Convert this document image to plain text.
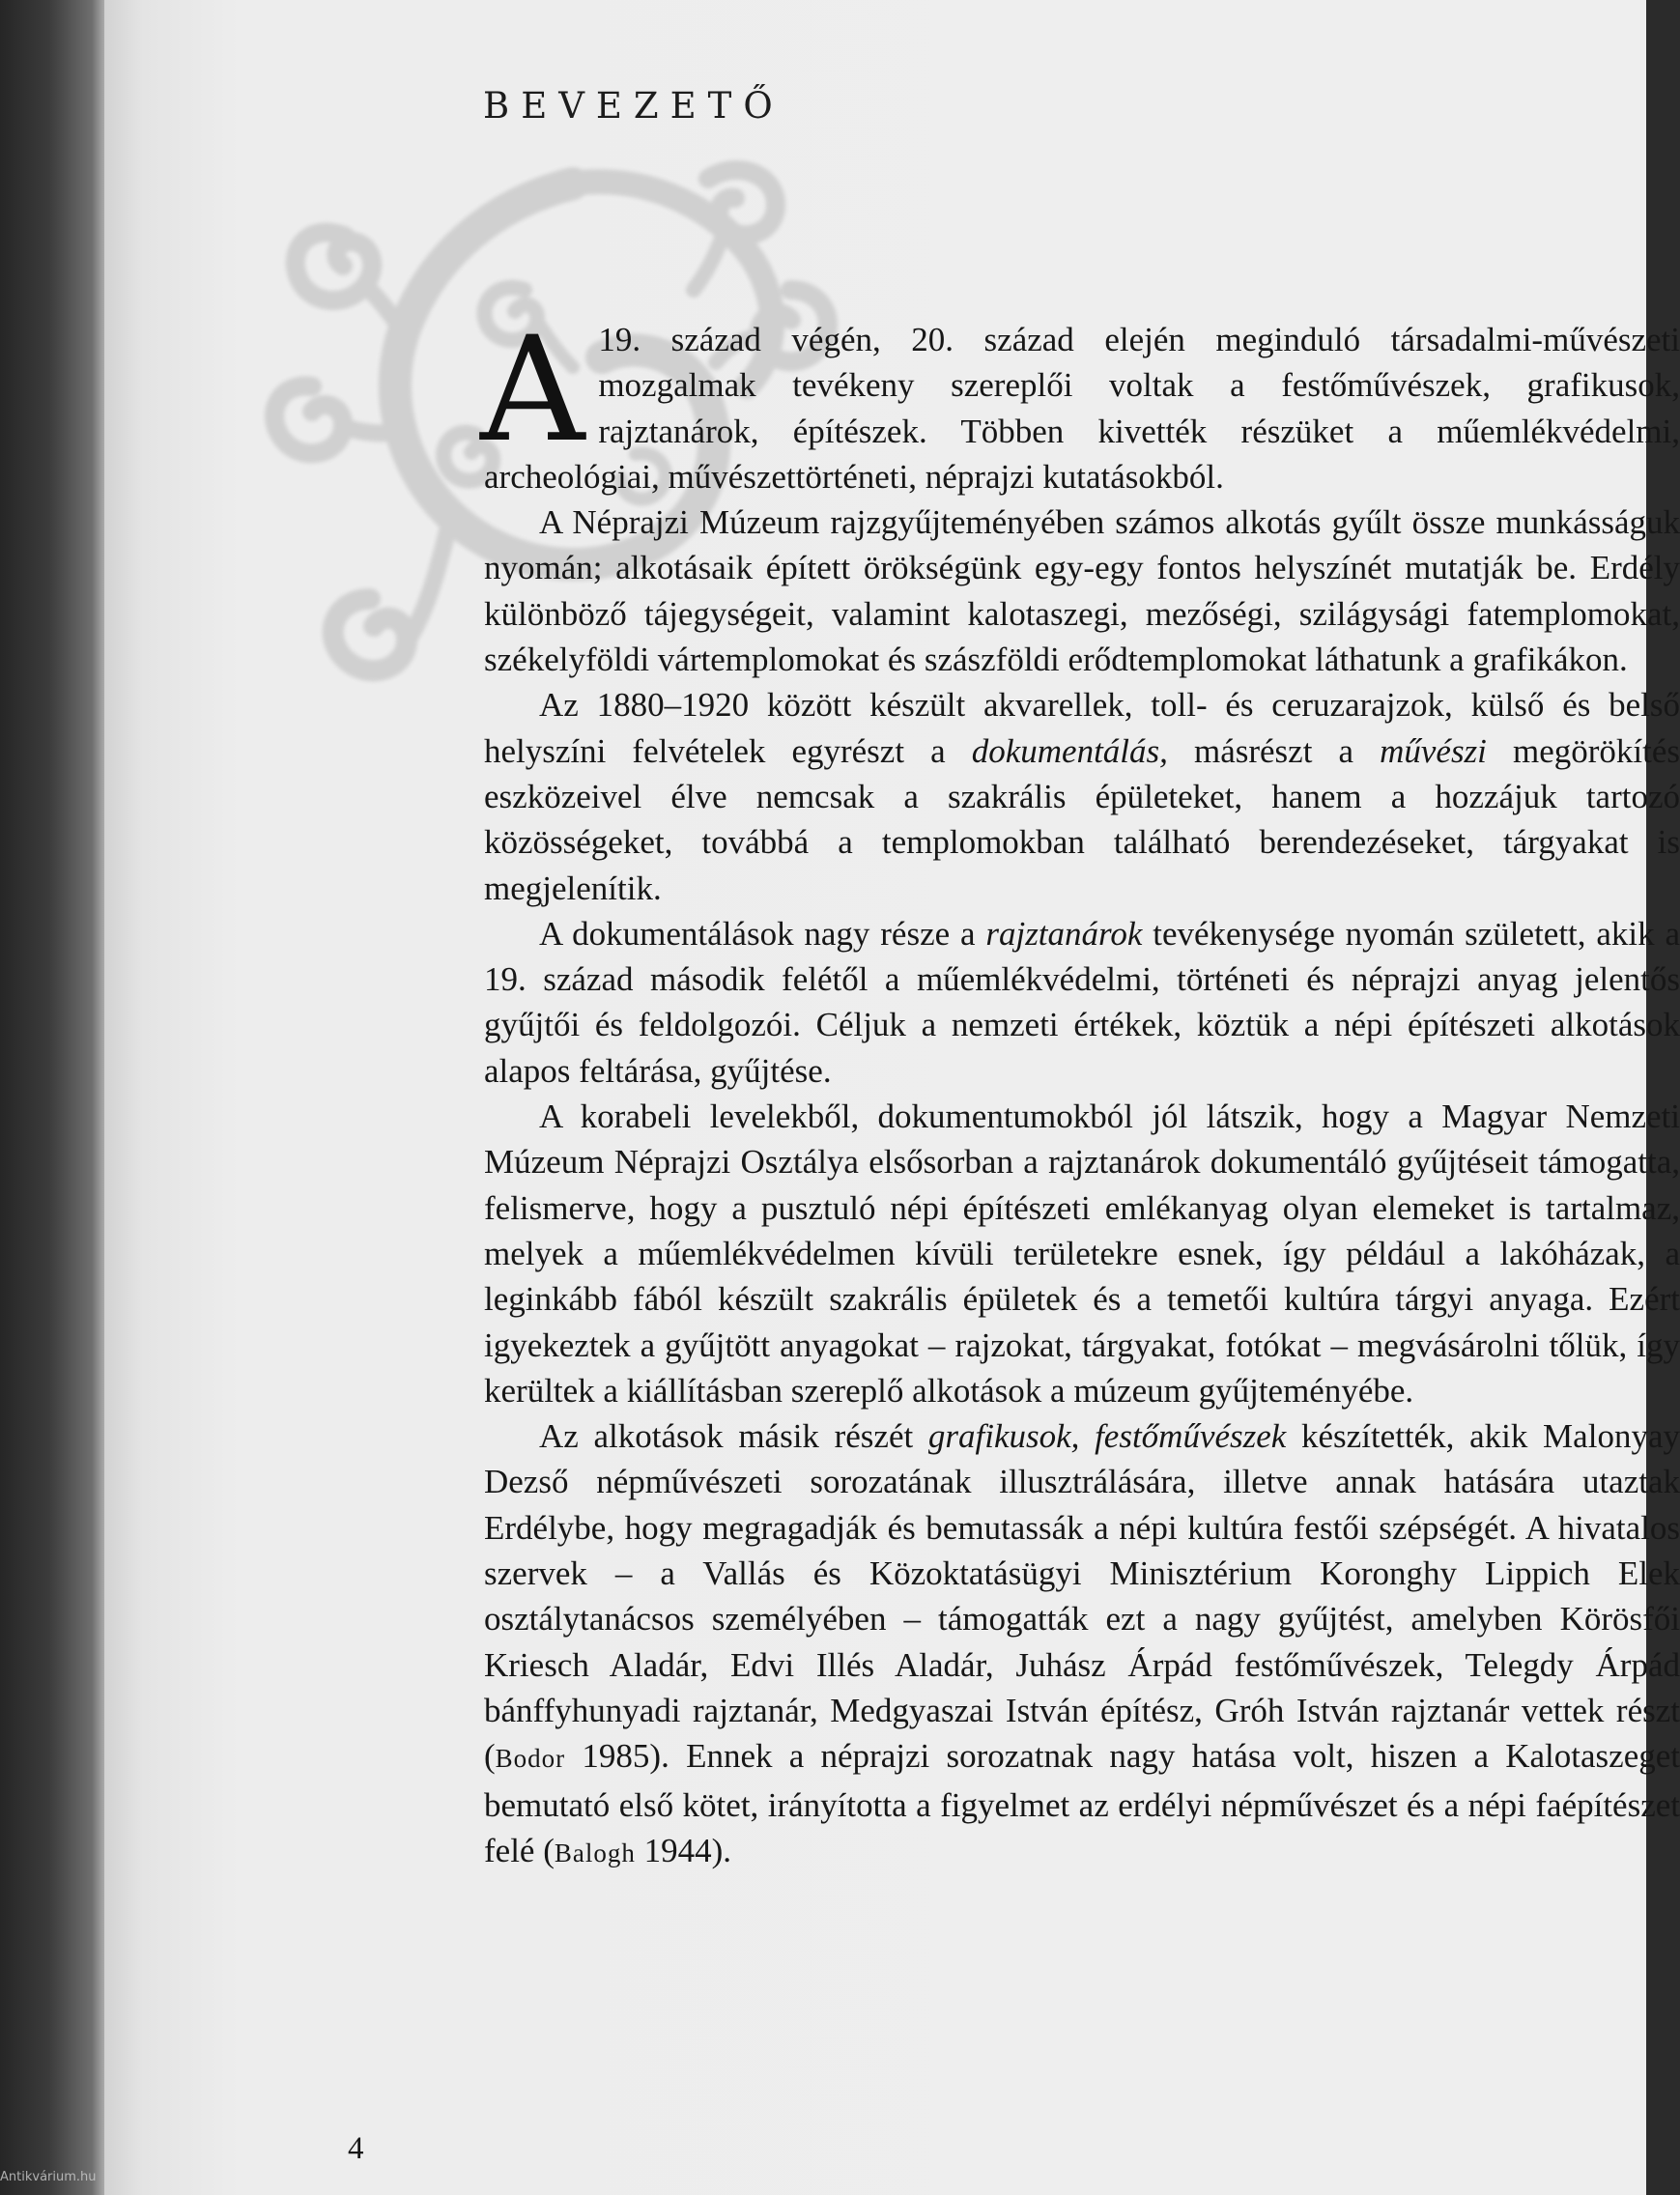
BEVEZETŐ

A 19. század végén, 20. század elején meginduló társadalmi-művészeti mozgalmak tevékeny szereplői voltak a festőművészek, grafikusok, rajztanárok, építészek. Többen kivették részüket a műemlékvédelmi, archeológiai, művészettörténeti, néprajzi kutatásokból.

A Néprajzi Múzeum rajzgyűjteményében számos alkotás gyűlt össze munkásságuk nyomán; alkotásaik épített örökségünk egy-egy fontos helyszínét mutatják be. Erdély különböző tájegységeit, valamint kalotaszegi, mezőségi, szilágysági fatemplomokat, székelyföldi vártemplomokat és szászföldi erődtemplomokat láthatunk a grafikákon.

Az 1880–1920 között készült akvarellek, toll- és ceruzarajzok, külső és belső helyszíni felvételek egyrészt a dokumentálás, másrészt a művészi megörökítés eszközeivel élve nemcsak a szakrális épületeket, hanem a hozzájuk tartozó közösségeket, továbbá a templomokban található berendezéseket, tárgyakat is megjelenítik.

A dokumentálások nagy része a rajztanárok tevékenysége nyomán született, akik a 19. század második felétől a műemlékvédelmi, történeti és néprajzi anyag jelentős gyűjtői és feldolgozói. Céljuk a nemzeti értékek, köztük a népi építészeti alkotások alapos feltárása, gyűjtése.

A korabeli levelekből, dokumentumokból jól látszik, hogy a Magyar Nemzeti Múzeum Néprajzi Osztálya elsősorban a rajztanárok dokumentáló gyűjtéseit támogatta, felismerve, hogy a pusztuló népi építészeti emlékanyag olyan elemeket is tartalmaz, melyek a műemlékvédelmen kívüli területekre esnek, így például a lakóházak, a leginkább fából készült szakrális épületek és a temetői kultúra tárgyi anyaga. Ezért igyekeztek a gyűjtött anyagokat – rajzokat, tárgyakat, fotókat – megvásárolni tőlük, így kerültek a kiállításban szereplő alkotások a múzeum gyűjteményébe.

Az alkotások másik részét grafikusok, festőművészek készítették, akik Malonyay Dezső népművészeti sorozatának illusztrálására, illetve annak hatására utaztak Erdélybe, hogy megragadják és bemutassák a népi kultúra festői szépségét. A hivatalos szervek – a Vallás és Közoktatásügyi Minisztérium Koronghy Lippich Elek osztálytanácsos személyében – támogatták ezt a nagy gyűjtést, amelyben Körösfői Kriesch Aladár, Edvi Illés Aladár, Juhász Árpád festőművészek, Telegdy Árpád bánffyhunyadi rajztanár, Medgyaszai István építész, Gróh István rajztanár vettek részt (Bodor 1985). Ennek a néprajzi sorozatnak nagy hatása volt, hiszen a Kalotaszeget bemutató első kötet, irányította a figyelmet az erdélyi népművészet és a népi faépítészet felé (Balogh 1944).

4
Antikvárium.hu
